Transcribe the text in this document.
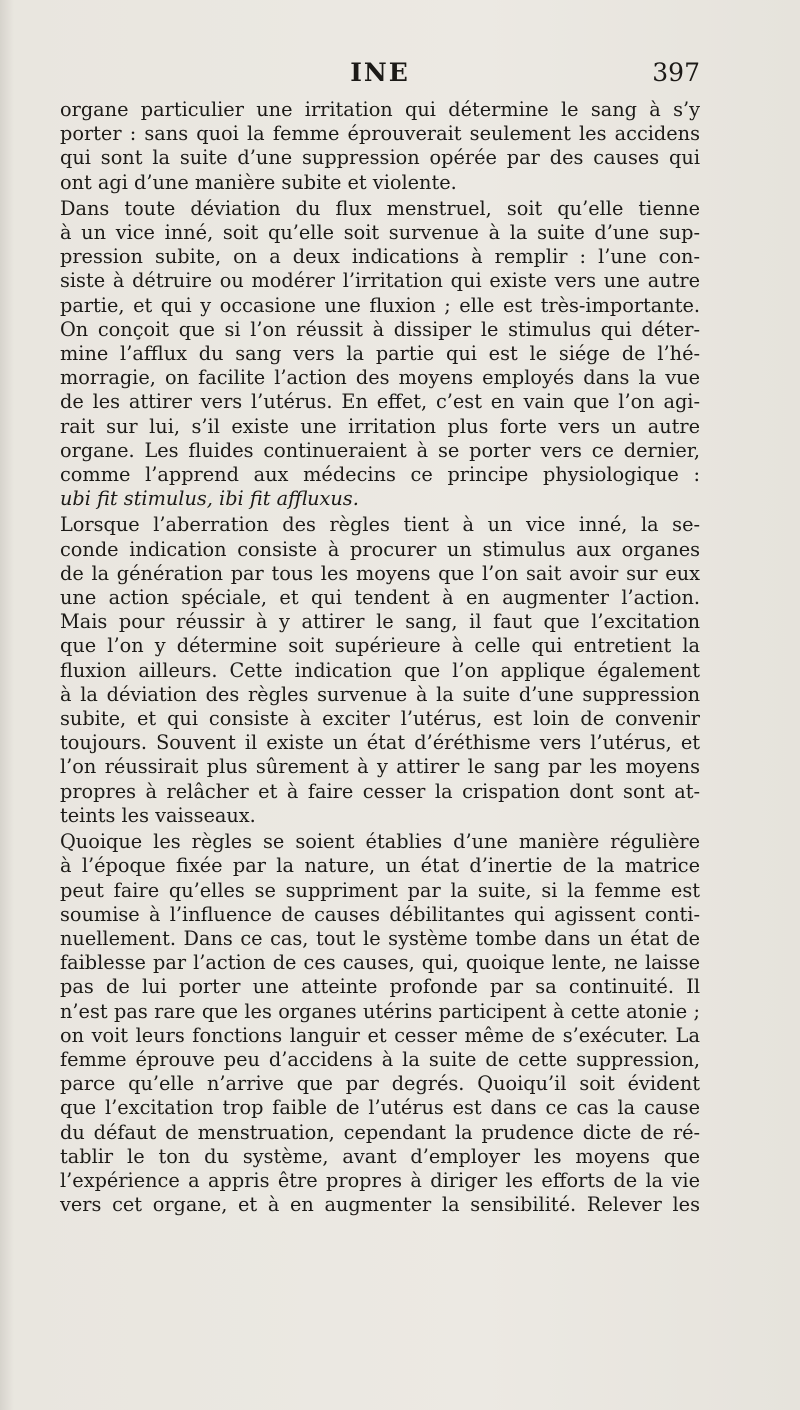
INE	397
organe particulier une irritation qui détermine le sang à s’y
porter : sans quoi la femme éprouverait seulement les accidens
qui sont la suite d’une suppression opérée par des causes qui
ont agi d’une manière subite et violente.
Dans toute déviation du flux menstruel, soit qu’elle tienne
à un vice inné, soit qu’elle soit survenue à la suite d’une sup-
pression subite, on a deux indications à remplir : l’une con-
siste à détruire ou modérer l’irritation qui existe vers une autre
partie, et qui y occasione une fluxion ; elle est très-importante.
On conçoit que si l’on réussit à dissiper le stimulus qui déter-
mine l’afflux du sang vers la partie qui est le siége de l’hé-
morragie, on facilite l’action des moyens employés dans la vue
de les attirer vers l’utérus. En effet, c’est en vain que l’on agi-
rait sur lui, s’il existe une irritation plus forte vers un autre
organe. Les fluides continueraient à se porter vers ce dernier,
comme l’apprend aux médecins ce principe physiologique :
ubi fit stimulus, ibi fit affluxus.
Lorsque l’aberration des règles tient à un vice inné, la se-
conde indication consiste à procurer un stimulus aux organes
de la génération par tous les moyens que l’on sait avoir sur eux
une action spéciale, et qui tendent à en augmenter l’action.
Mais pour réussir à y attirer le sang, il faut que l’excitation
que l’on y détermine soit supérieure à celle qui entretient la
fluxion ailleurs. Cette indication que l’on applique également
à la déviation des règles survenue à la suite d’une suppression
subite, et qui consiste à exciter l’utérus, est loin de convenir
toujours. Souvent il existe un état d’éréthisme vers l’utérus, et
l’on réussirait plus sûrement à y attirer le sang par les moyens
propres à relâcher et à faire cesser la crispation dont sont at-
teints les vaisseaux.
Quoique les règles se soient établies d’une manière régulière
à l’époque fixée par la nature, un état d’inertie de la matrice
peut faire qu’elles se suppriment par la suite, si la femme est
soumise à l’influence de causes débilitantes qui agissent conti-
nuellement. Dans ce cas, tout le système tombe dans un état de
faiblesse par l’action de ces causes, qui, quoique lente, ne laisse
pas de lui porter une atteinte profonde par sa continuité. Il
n’est pas rare que les organes utérins participent à cette atonie ;
on voit leurs fonctions languir et cesser même de s’exécuter. La
femme éprouve peu d’accidens à la suite de cette suppression,
parce qu’elle n’arrive que par degrés. Quoiqu’il soit évident
que l’excitation trop faible de l’utérus est dans ce cas la cause
du défaut de menstruation, cependant la prudence dicte de ré-
tablir le ton du système, avant d’employer les moyens que
l’expérience a appris être propres à diriger les efforts de la vie
vers cet organe, et à en augmenter la sensibilité. Relever les
